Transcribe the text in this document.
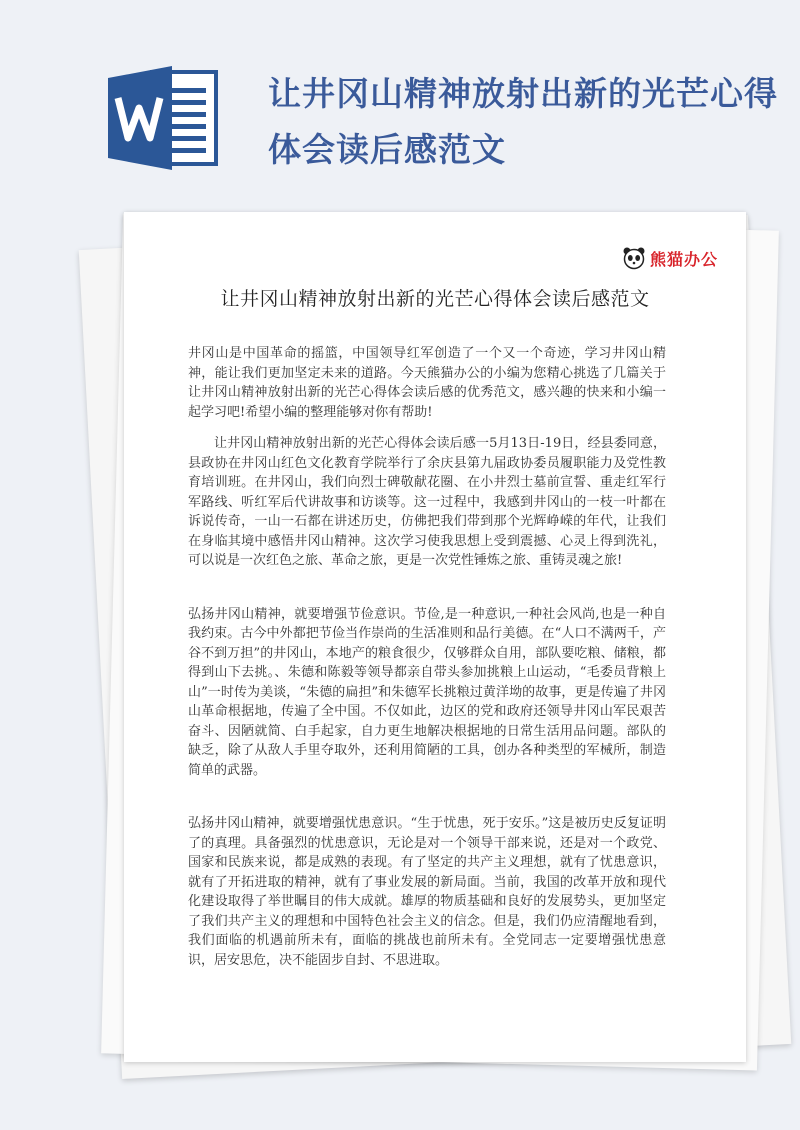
让井冈山精神放射出新的光芒心得体会读后感范文
熊猫办公
让井冈山精神放射出新的光芒心得体会读后感范文

井冈山是中国革命的摇篮，中国领导红军创造了一个又一个奇迹，学习井冈山精神，能让我们更加坚定未来的道路。今天熊猫办公的小编为您精心挑选了几篇关于让井冈山精神放射出新的光芒心得体会读后感的优秀范文，感兴趣的快来和小编一起学习吧!希望小编的整理能够对你有帮助!

让井冈山精神放射出新的光芒心得体会读后感一5月13日-19日，经县委同意，县政协在井冈山红色文化教育学院举行了余庆县第九届政协委员履职能力及党性教育培训班。在井冈山，我们向烈士碑敬献花圈、在小井烈士墓前宣誓、重走红军行军路线、听红军后代讲故事和访谈等。这一过程中，我感到井冈山的一枝一叶都在诉说传奇，一山一石都在讲述历史，仿佛把我们带到那个光辉峥嵘的年代，让我们在身临其境中感悟井冈山精神。这次学习使我思想上受到震撼、心灵上得到洗礼，可以说是一次红色之旅、革命之旅，更是一次党性锤炼之旅、重铸灵魂之旅!

弘扬井冈山精神，就要增强节俭意识。节俭,是一种意识,一种社会风尚,也是一种自我约束。古今中外都把节俭当作崇尚的生活准则和品行美德。在“人口不满两千，产谷不到万担”的井冈山，本地产的粮食很少，仅够群众自用，部队要吃粮、储粮，都得到山下去挑。、朱德和陈毅等领导都亲自带头参加挑粮上山运动，“毛委员背粮上山”一时传为美谈，“朱德的扁担”和朱德军长挑粮过黄洋坳的故事，更是传遍了井冈山革命根据地，传遍了全中国。不仅如此，边区的党和政府还领导井冈山军民艰苦奋斗、因陋就简、白手起家，自力更生地解决根据地的日常生活用品问题。部队的缺乏，除了从敌人手里夺取外，还利用简陋的工具，创办各种类型的军械所，制造简单的武器。

弘扬井冈山精神，就要增强忧患意识。“生于忧患，死于安乐。”这是被历史反复证明了的真理。具备强烈的忧患意识，无论是对一个领导干部来说，还是对一个政党、国家和民族来说，都是成熟的表现。有了坚定的共产主义理想，就有了忧患意识，就有了开拓进取的精神，就有了事业发展的新局面。当前，我国的改革开放和现代化建设取得了举世瞩目的伟大成就。雄厚的物质基础和良好的发展势头，更加坚定了我们共产主义的理想和中国特色社会主义的信念。但是，我们仍应清醒地看到，我们面临的机遇前所未有，面临的挑战也前所未有。全党同志一定要增强忧患意识，居安思危，决不能固步自封、不思进取。
